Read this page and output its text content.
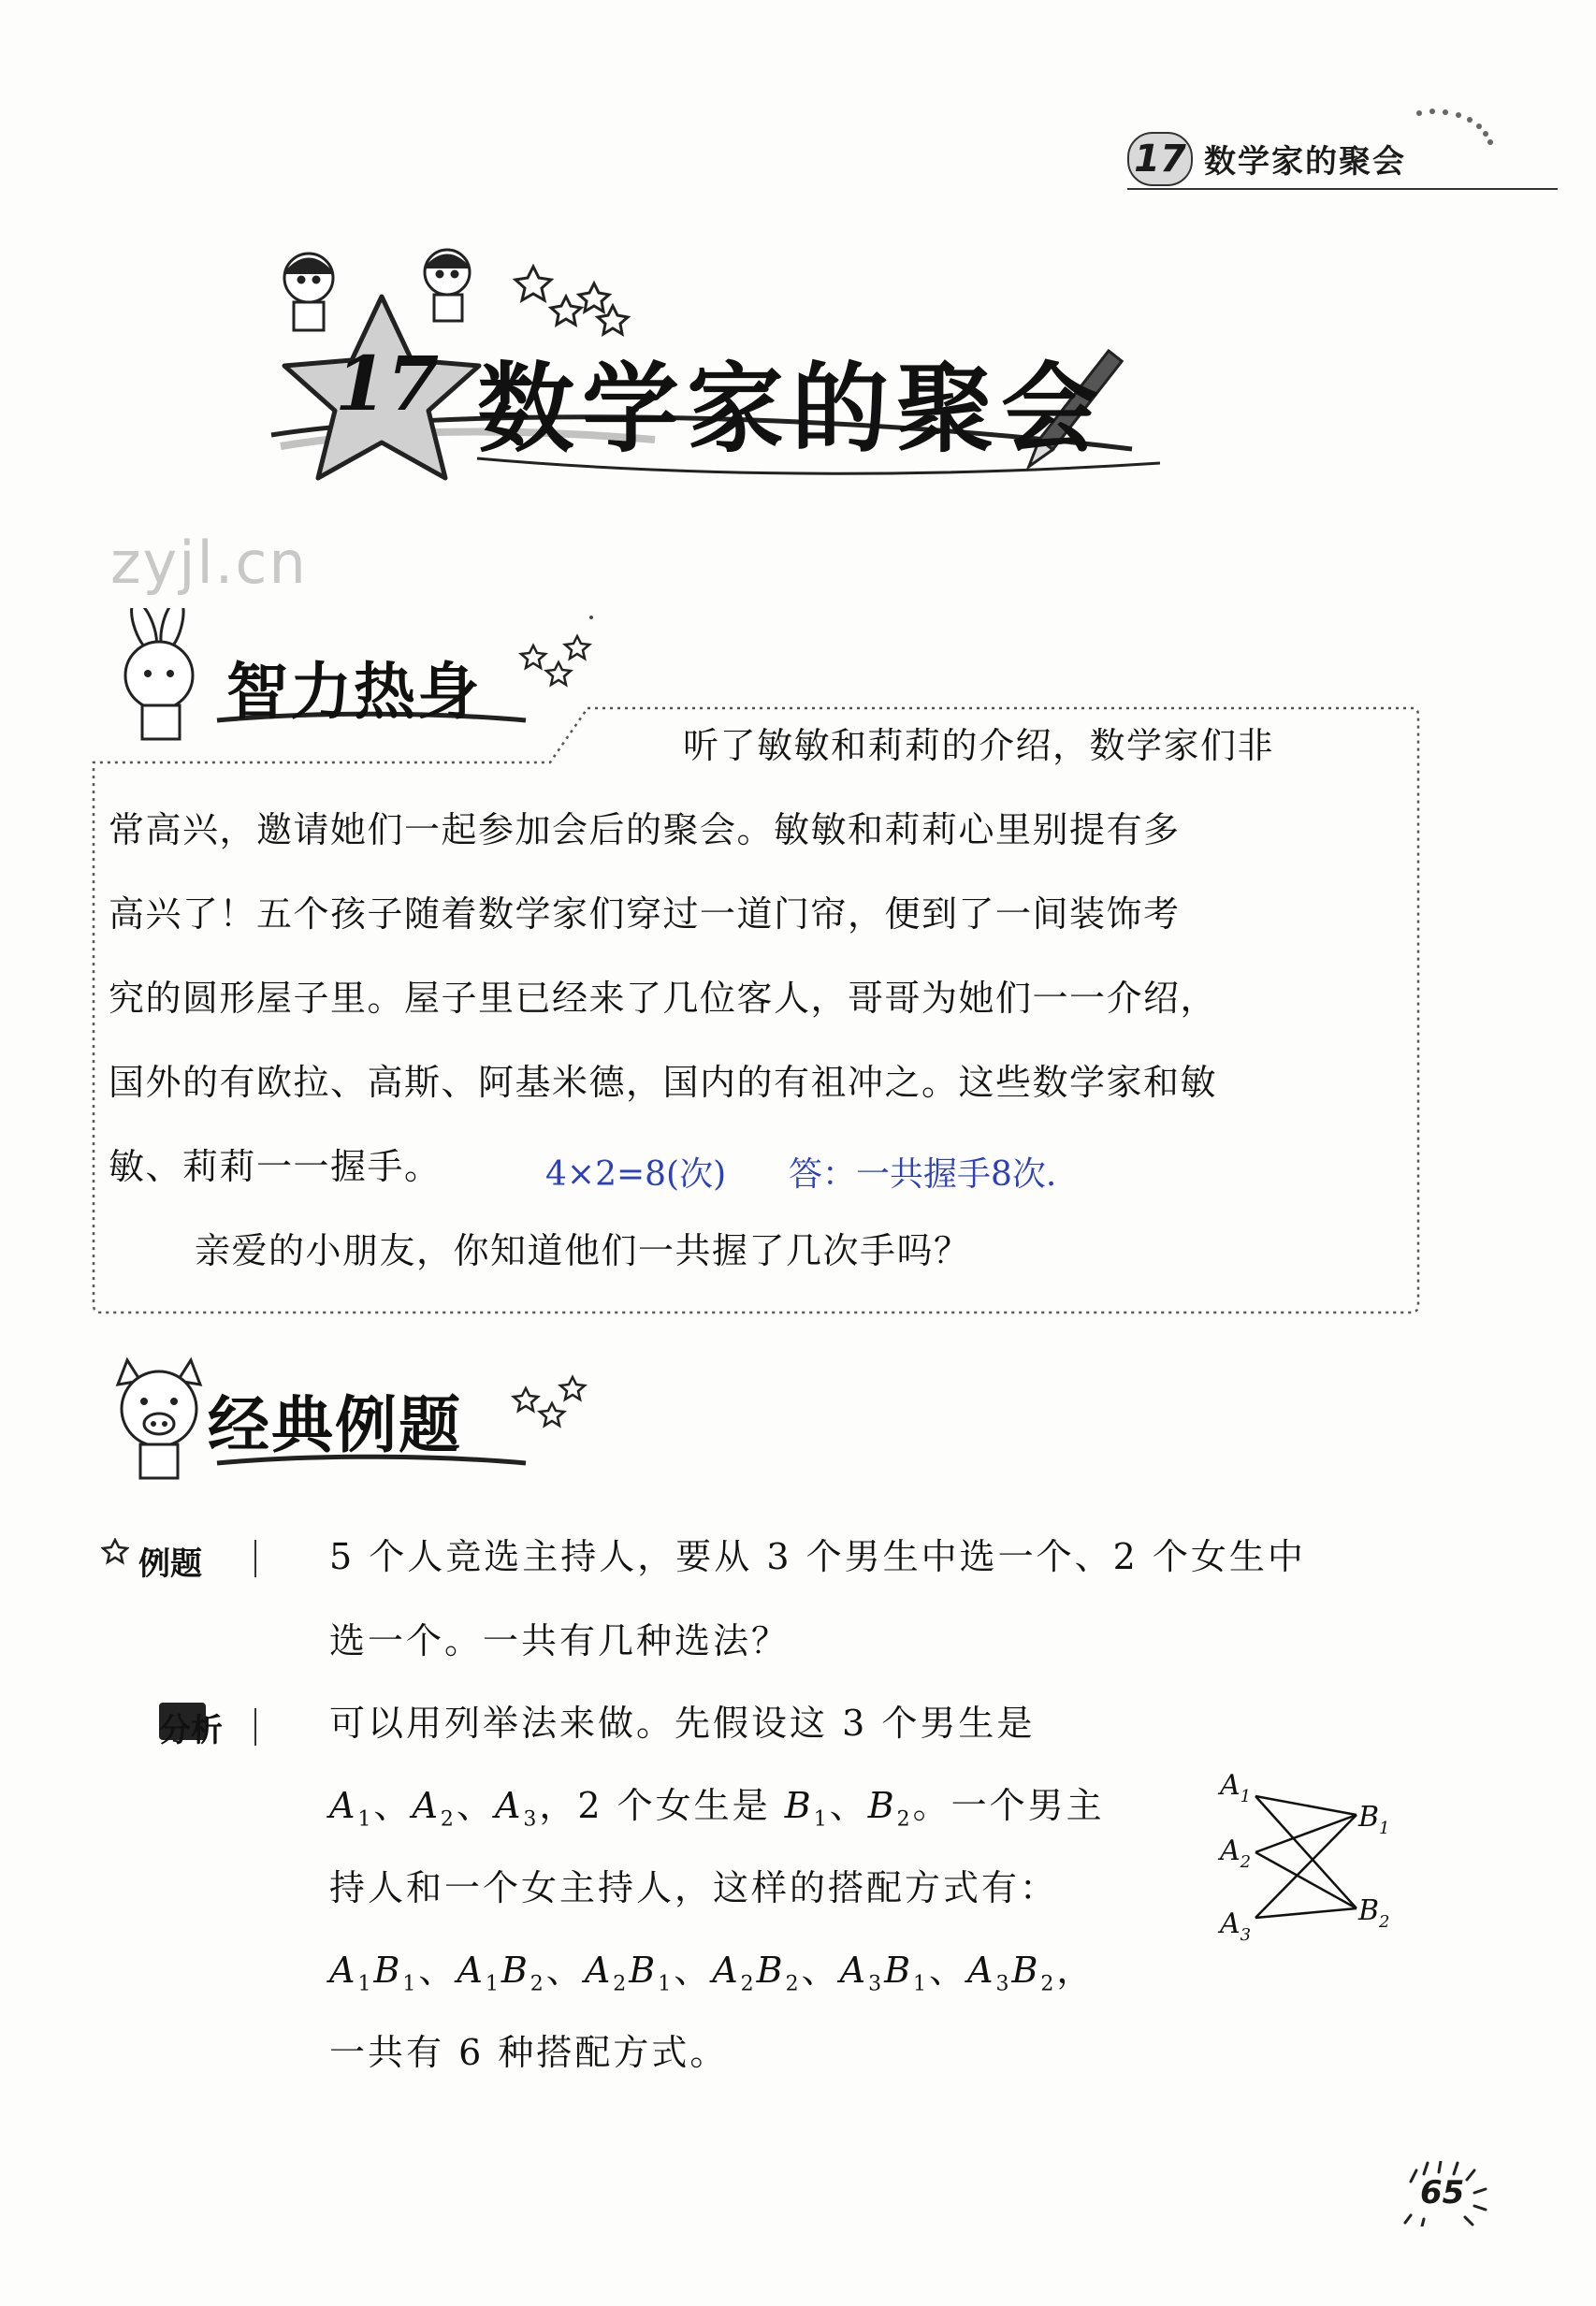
17 数学家的聚会
17 数学家的聚会
zyjl.cn
智力热身
听了敏敏和莉莉的介绍，数学家们非
常高兴，邀请她们一起参加会后的聚会。敏敏和莉莉心里别提有多
高兴了！五个孩子随着数学家们穿过一道门帘，便到了一间装饰考
究的圆形屋子里。屋子里已经来了几位客人，哥哥为她们一一介绍，
国外的有欧拉、高斯、阿基米德，国内的有祖冲之。这些数学家和敏
敏、莉莉一一握手。	4×2=8(次) 答：一共握手8次.
亲爱的小朋友，你知道他们一共握了几次手吗？
经典例题
例题	5 个人竞选主持人，要从 3 个男生中选一个、2 个女生中
选一个。一共有几种选法？
分析	可以用列举法来做。先假设这 3 个男生是
$A_1$、$A_2$、$A_3$，2 个女生是 $B_1$、$B_2$。一个男主
持人和一个女主持人，这样的搭配方式有：
$A_1B_1$、$A_1B_2$、$A_2B_1$、$A_2B_2$、$A_3B_1$、$A_3B_2$，
一共有 6 种搭配方式。
$A_1$
$A_2$
$A_3$
$B_1$
$B_2$
65
